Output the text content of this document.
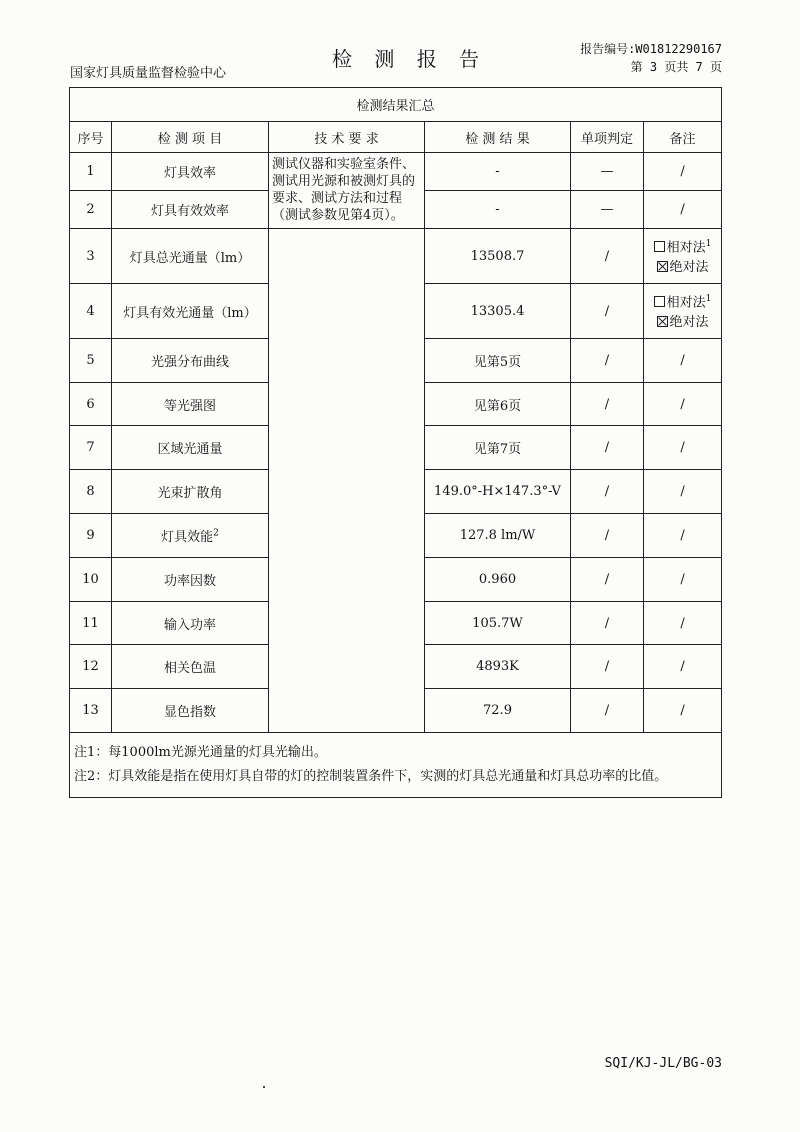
国家灯具质量监督检验中心
检 测 报 告	报告编号:W01812290167
第 3 页共 7 页
检测结果汇总					
序号	检 测 项 目	技 术 要 求	检 测 结 果	单项判定	备注
1	灯具效率	测试仪器和实验室条件、测试用光源和被测灯具的要求、测试方法和过程（测试参数见第4页）。	-	—	/
2	灯具有效效率		-	—	/
3	灯具总光通量（lm）		13508.7	/	相对法$^1$
绝对法

4	灯具有效光通量（lm）		13305.4	/	相对法$^1$
绝对法

5	光强分布曲线		见第5页	/	/
6	等光强图		见第6页	/	/
7	区域光通量		见第7页	/	/
8	光束扩散角		149.0°-H×147.3°-V	/	/
9	灯具效能$^2$		127.8 lm/W	/	/
10	功率因数		0.960	/	/
11	输入功率		105.7W	/	/
12	相关色温		4893K	/	/
13	显色指数		72.9	/	/

注1：每1000lm光源光通量的灯具光输出。
注2：灯具效能是指在使用灯具自带的灯的控制装置条件下，实测的灯具总光通量和灯具总功率的比值。					
SQI/KJ-JL/BG-03
